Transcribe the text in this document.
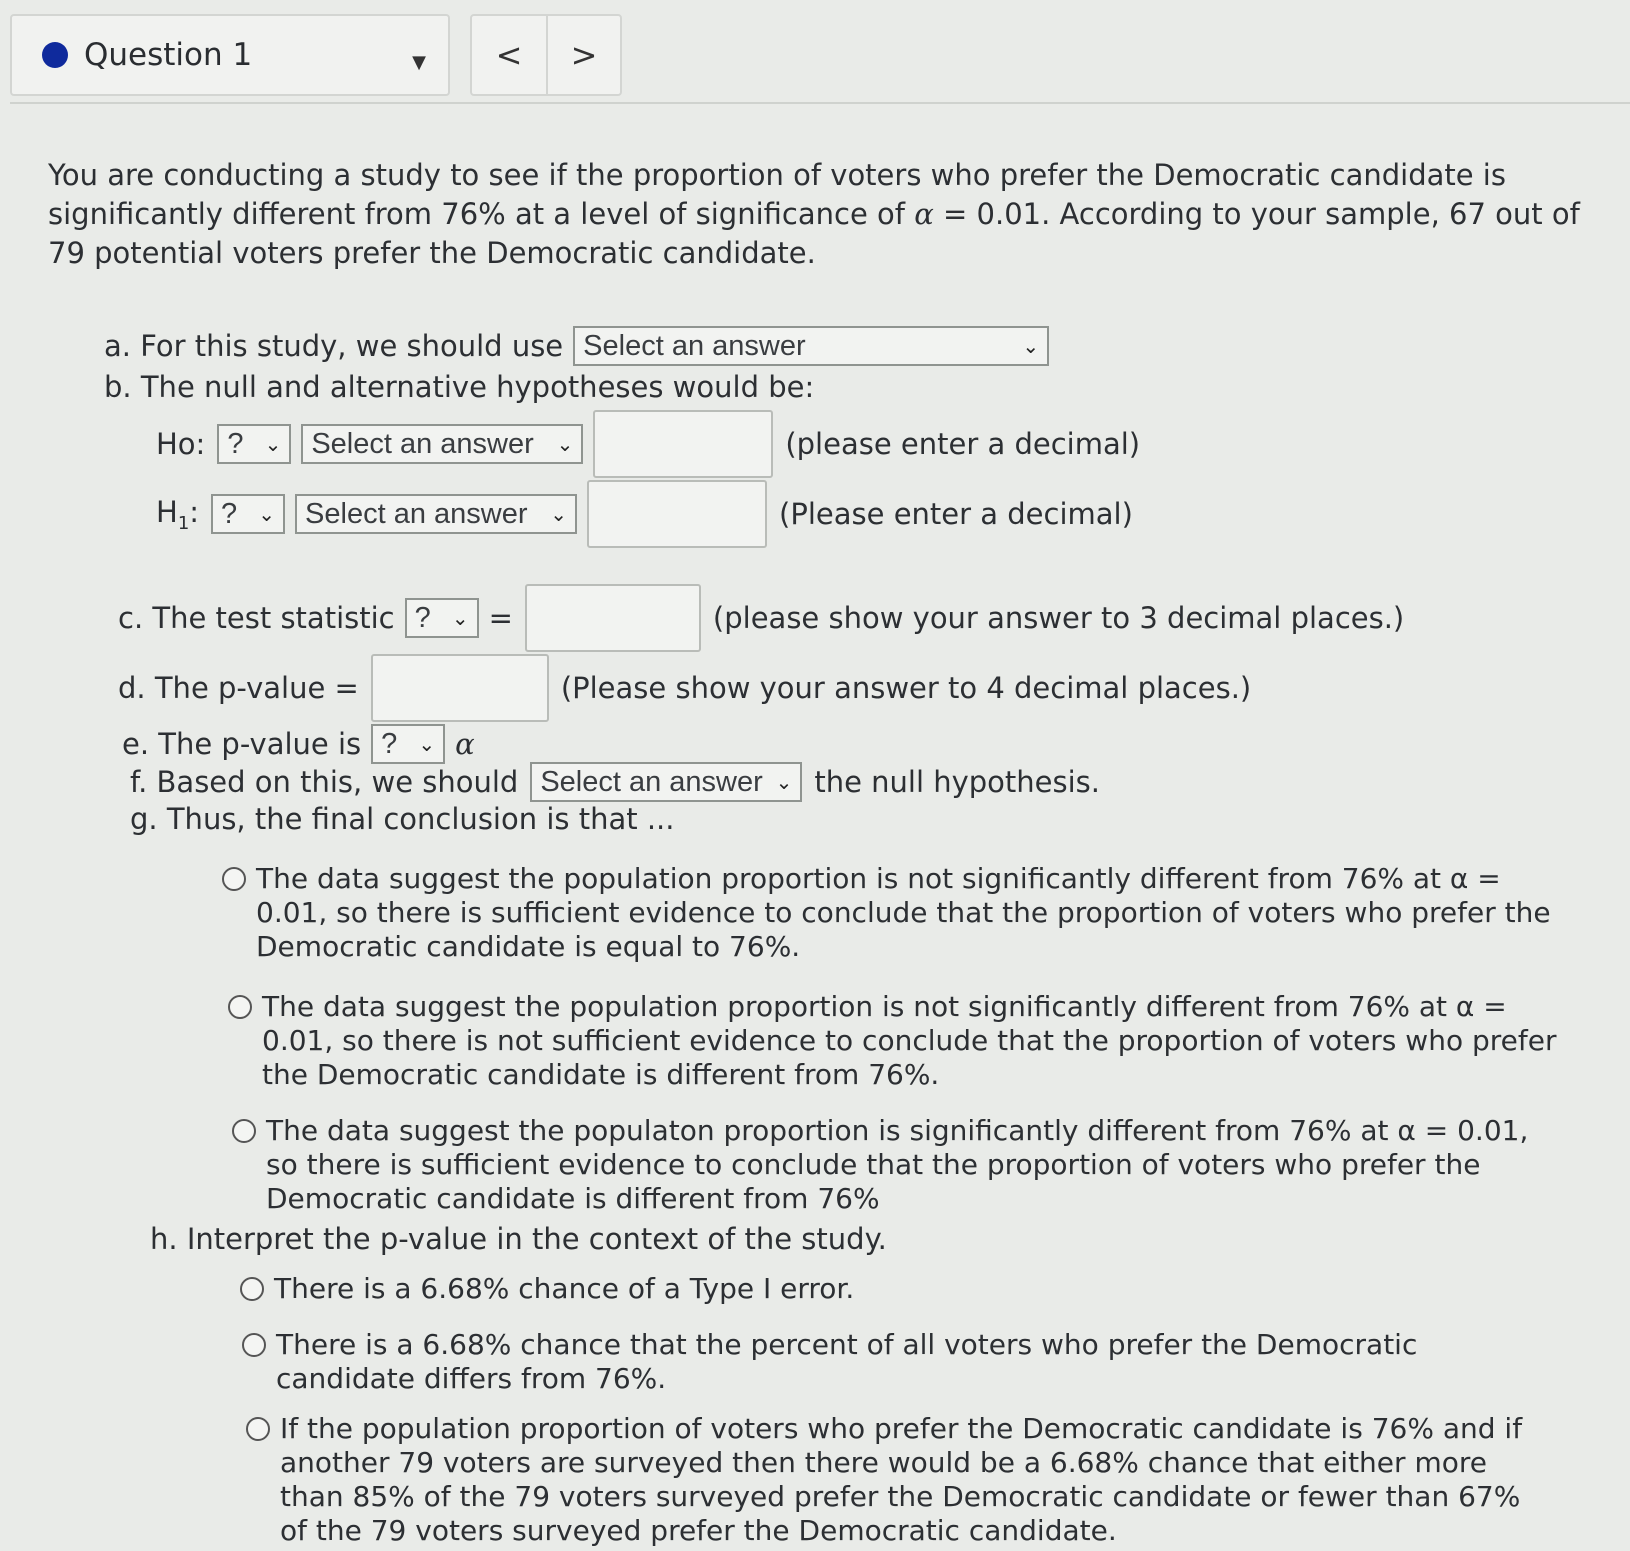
Question 1	▼	<	>
You are conducting a study to see if the proportion of voters who prefer the Democratic candidate is significantly different from 76% at a level of significance of α = 0.01. According to your sample, 67 out of 79 potential voters prefer the Democratic candidate.
a. For this study, we should use Select an answer	⌄
b. The null and alternative hypotheses would be:
Ho: ? ⌄ Select an answer ⌄	(please enter a decimal)
$H_1$: ? ⌄ Select an answer ⌄	(Please enter a decimal)
c. The test statistic ? ⌄ =	(please show your answer to 3 decimal places.)
d. The p-value =	(Please show your answer to 4 decimal places.)
e. The p-value is ? ⌄ α
f. Based on this, we should Select an answer ⌄ the null hypothesis.
g. Thus, the final conclusion is that ...
The data suggest the population proportion is not significantly different from 76% at α = 0.01, so there is sufficient evidence to conclude that the proportion of voters who prefer the Democratic candidate is equal to 76%.
The data suggest the population proportion is not significantly different from 76% at α = 0.01, so there is not sufficient evidence to conclude that the proportion of voters who prefer the Democratic candidate is different from 76%.
The data suggest the populaton proportion is significantly different from 76% at α = 0.01, so there is sufficient evidence to conclude that the proportion of voters who prefer the Democratic candidate is different from 76%
h. Interpret the p-value in the context of the study.
There is a 6.68% chance of a Type I error.
There is a 6.68% chance that the percent of all voters who prefer the Democratic candidate differs from 76%.
If the population proportion of voters who prefer the Democratic candidate is 76% and if another 79 voters are surveyed then there would be a 6.68% chance that either more than 85% of the 79 voters surveyed prefer the Democratic candidate or fewer than 67% of the 79 voters surveyed prefer the Democratic candidate.
